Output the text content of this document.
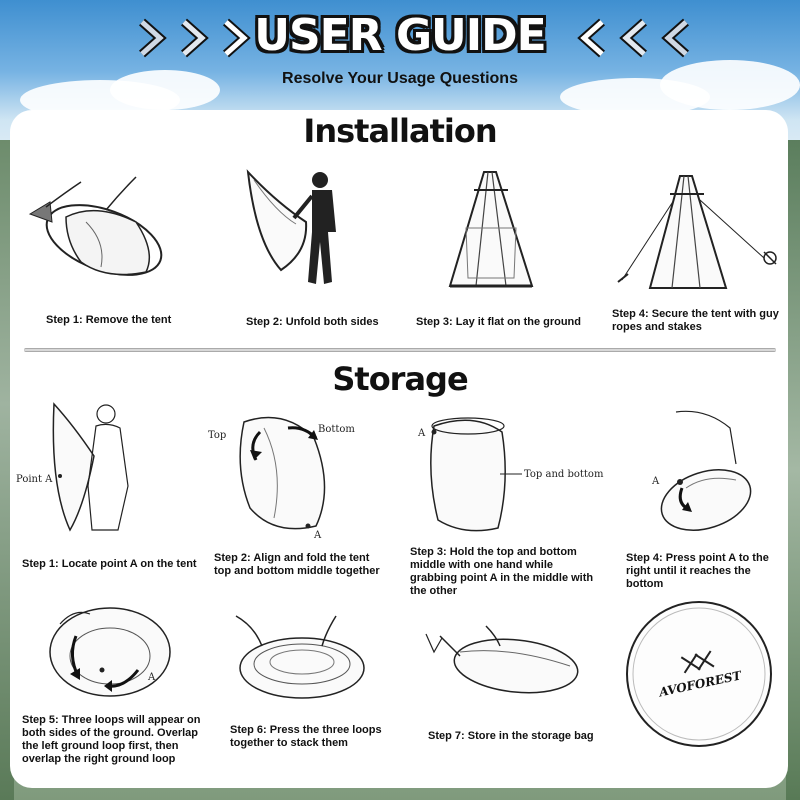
USER GUIDE
Resolve Your Usage Questions
Installation
Step 1: Remove the tent	Step 2: Unfold both sides	Step 3: Lay it flat on the ground
Step 4: Secure the tent with guy ropes and stakes
Storage
Point A
Step 1: Locate point A on the tent
Top
Bottom
A
Step 2: Align and fold the tent top and bottom middle together
A
Top and bottom
Step 3: Hold the top and bottom middle with one hand while grabbing point A in the middle with the other
A
Step 4: Press point A to the right until it reaches the bottom
A
Step 5: Three loops will appear on both sides of the ground. Overlap the left ground loop first, then overlap the right ground loop
Step 6: Press the three loops together to stack them
Step 7: Store in the storage bag
AVOFOREST
